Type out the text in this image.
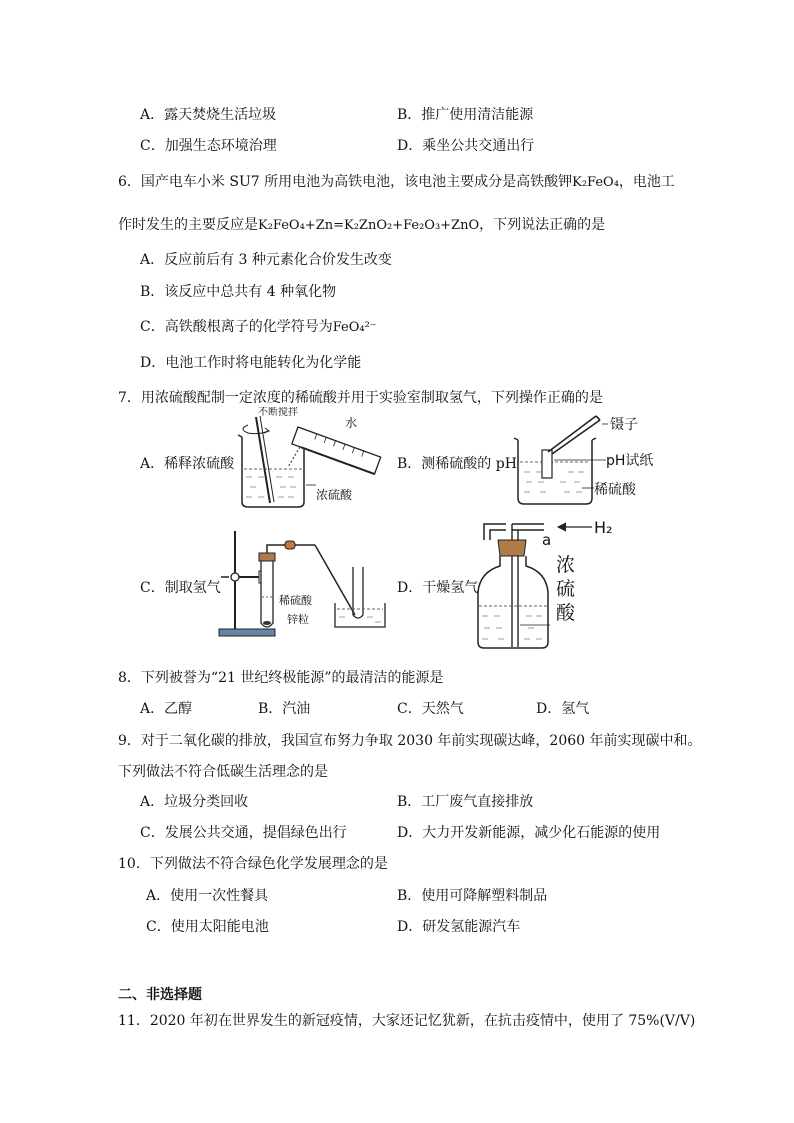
A．露天焚烧生活垃圾	B．推广使用清洁能源
C．加强生态环境治理	D．乘坐公共交通出行
6．国产电车小米 SU7 所用电池为高铁电池，该电池主要成分是高铁酸钾K₂FeO₄，电池工
作时发生的主要反应是K₂FeO₄+Zn=K₂ZnO₂+Fe₂O₃+ZnO，下列说法正确的是
A．反应前后有 3 种元素化合价发生改变
B．该反应中总共有 4 种氧化物
C．高铁酸根离子的化学符号为FeO₄²⁻
D．电池工作时将电能转化为化学能
7．用浓硫酸配制一定浓度的稀硫酸并用于实验室制取氢气，下列操作正确的是
A．稀释浓硫酸	B．测稀硫酸的 pH
C．制取氢气	D．干燥氢气
不断搅拌
水
浓硫酸
镊子
pH试纸
稀硫酸
稀硫酸
锌粒
H₂
a
浓
硫
酸
8．下列被誉为“21 世纪终极能源”的最清洁的能源是
A．乙醇	B．汽油	C．天然气	D．氢气
9．对于二氧化碳的排放，我国宣布努力争取 2030 年前实现碳达峰，2060 年前实现碳中和。
下列做法不符合低碳生活理念的是
A．垃圾分类回收	B．工厂废气直接排放
C．发展公共交通，提倡绿色出行	D．大力开发新能源，减少化石能源的使用
10．下列做法不符合绿色化学发展理念的是
A．使用一次性餐具	B．使用可降解塑料制品
C．使用太阳能电池	D．研发氢能源汽车
二、非选择题
11．2020 年初在世界发生的新冠疫情，大家还记忆犹新，在抗击疫情中，使用了 75%(V/V)
